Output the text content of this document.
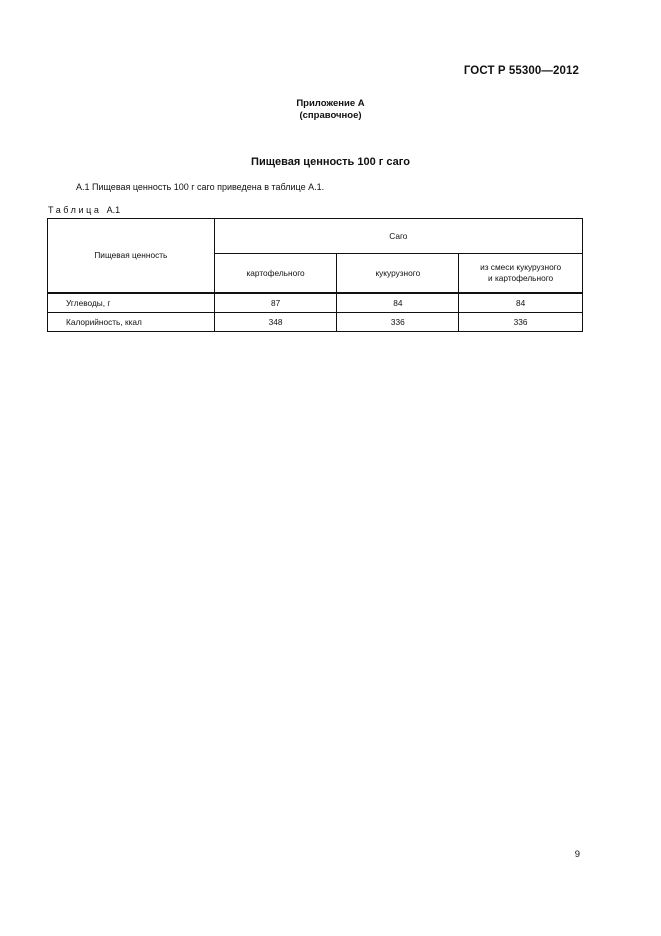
ГОСТ Р 55300—2012
Приложение А
(справочное)
Пищевая ценность 100 г саго
А.1 Пищевая ценность 100 г саго приведена в таблице А.1.
Таблица А.1
Пищевая ценность	Саго		
	картофельного	кукурузного	из смеси кукурузного
и картофельного

Углеводы, г	87	84	84
Калорийность, ккал	348	336	336
9
